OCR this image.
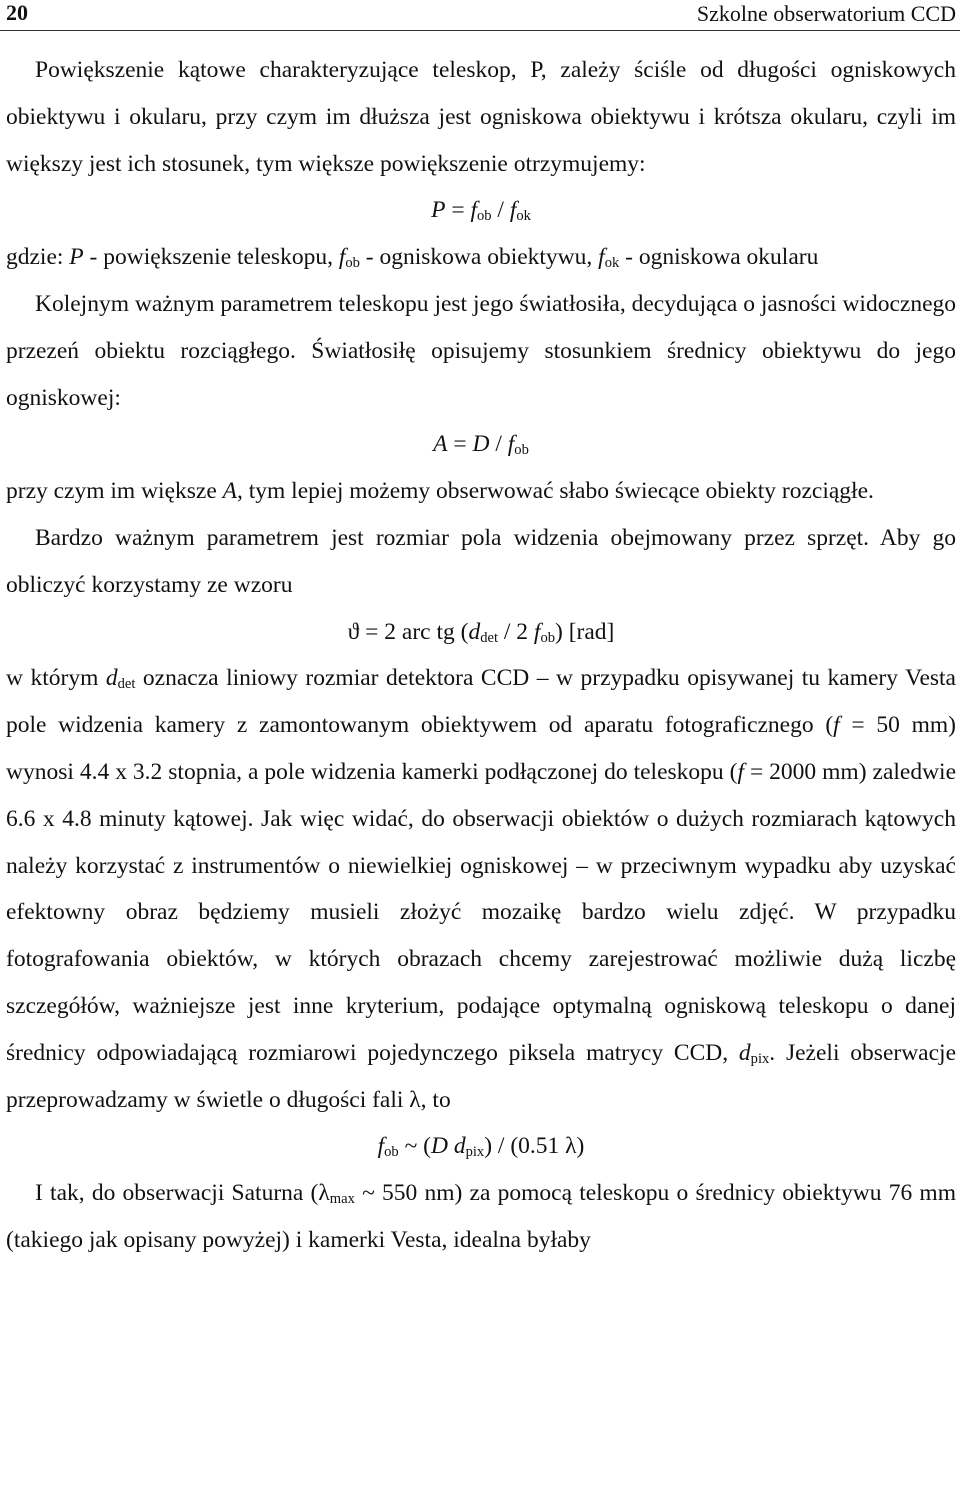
20	Szkolne obserwatorium CCD

Powiększenie kątowe charakteryzujące teleskop, P, zależy ściśle od długości ogniskowych obiektywu i okularu, przy czym im dłuższa jest ogniskowa obiektywu i krótsza okularu, czyli im większy jest ich stosunek, tym większe powiększenie otrzymujemy:

$P = f_{ob} / f_{ok}$

gdzie: P - powiększenie teleskopu, $f_{ob}$ - ogniskowa obiektywu, $f_{ok}$ - ogniskowa okularu

Kolejnym ważnym parametrem teleskopu jest jego światłosiła, decydująca o jasności widocznego przezeń obiektu rozciągłego. Światłosiłę opisujemy stosunkiem średnicy obiektywu do jego ogniskowej:

$A = D / f_{ob}$

przy czym im większe A, tym lepiej możemy obserwować słabo świecące obiekty rozciągłe.

Bardzo ważnym parametrem jest rozmiar pola widzenia obejmowany przez sprzęt. Aby go obliczyć korzystamy ze wzoru

ϑ = 2 arc tg ($d_{det} / 2$ $f_{ob}$) [rad]

w którym $d_{det}$ oznacza liniowy rozmiar detektora CCD – w przypadku opisywanej tu kamery Vesta pole widzenia kamery z zamontowanym obiektywem od aparatu fotograficznego (f = 50 mm) wynosi 4.4 x 3.2 stopnia, a pole widzenia kamerki podłączonej do teleskopu (f = 2000 mm) zaledwie 6.6 x 4.8 minuty kątowej. Jak więc widać, do obserwacji obiektów o dużych rozmiarach kątowych należy korzystać z instrumentów o niewielkiej ogniskowej – w przeciwnym wypadku aby uzyskać efektowny obraz będziemy musieli złożyć mozaikę bardzo wielu zdjęć. W przypadku fotografowania obiektów, w których obrazach chcemy zarejestrować możliwie dużą liczbę szczegółów, ważniejsze jest inne kryterium, podające optymalną ogniskową teleskopu o danej średnicy odpowiadającą rozmiarowi pojedynczego piksela matrycy CCD, $d_{pix}$. Jeżeli obserwacje przeprowadzamy w świetle o długości fali λ, to

$f_{ob}$ ~ (D $d_{pix}) / (0.51$ λ)

I tak, do obserwacji Saturna ($\lambda_{max}$ ~ 550 nm) za pomocą teleskopu o średnicy obiektywu 76 mm (takiego jak opisany powyżej) i kamerki Vesta, idealna byłaby
